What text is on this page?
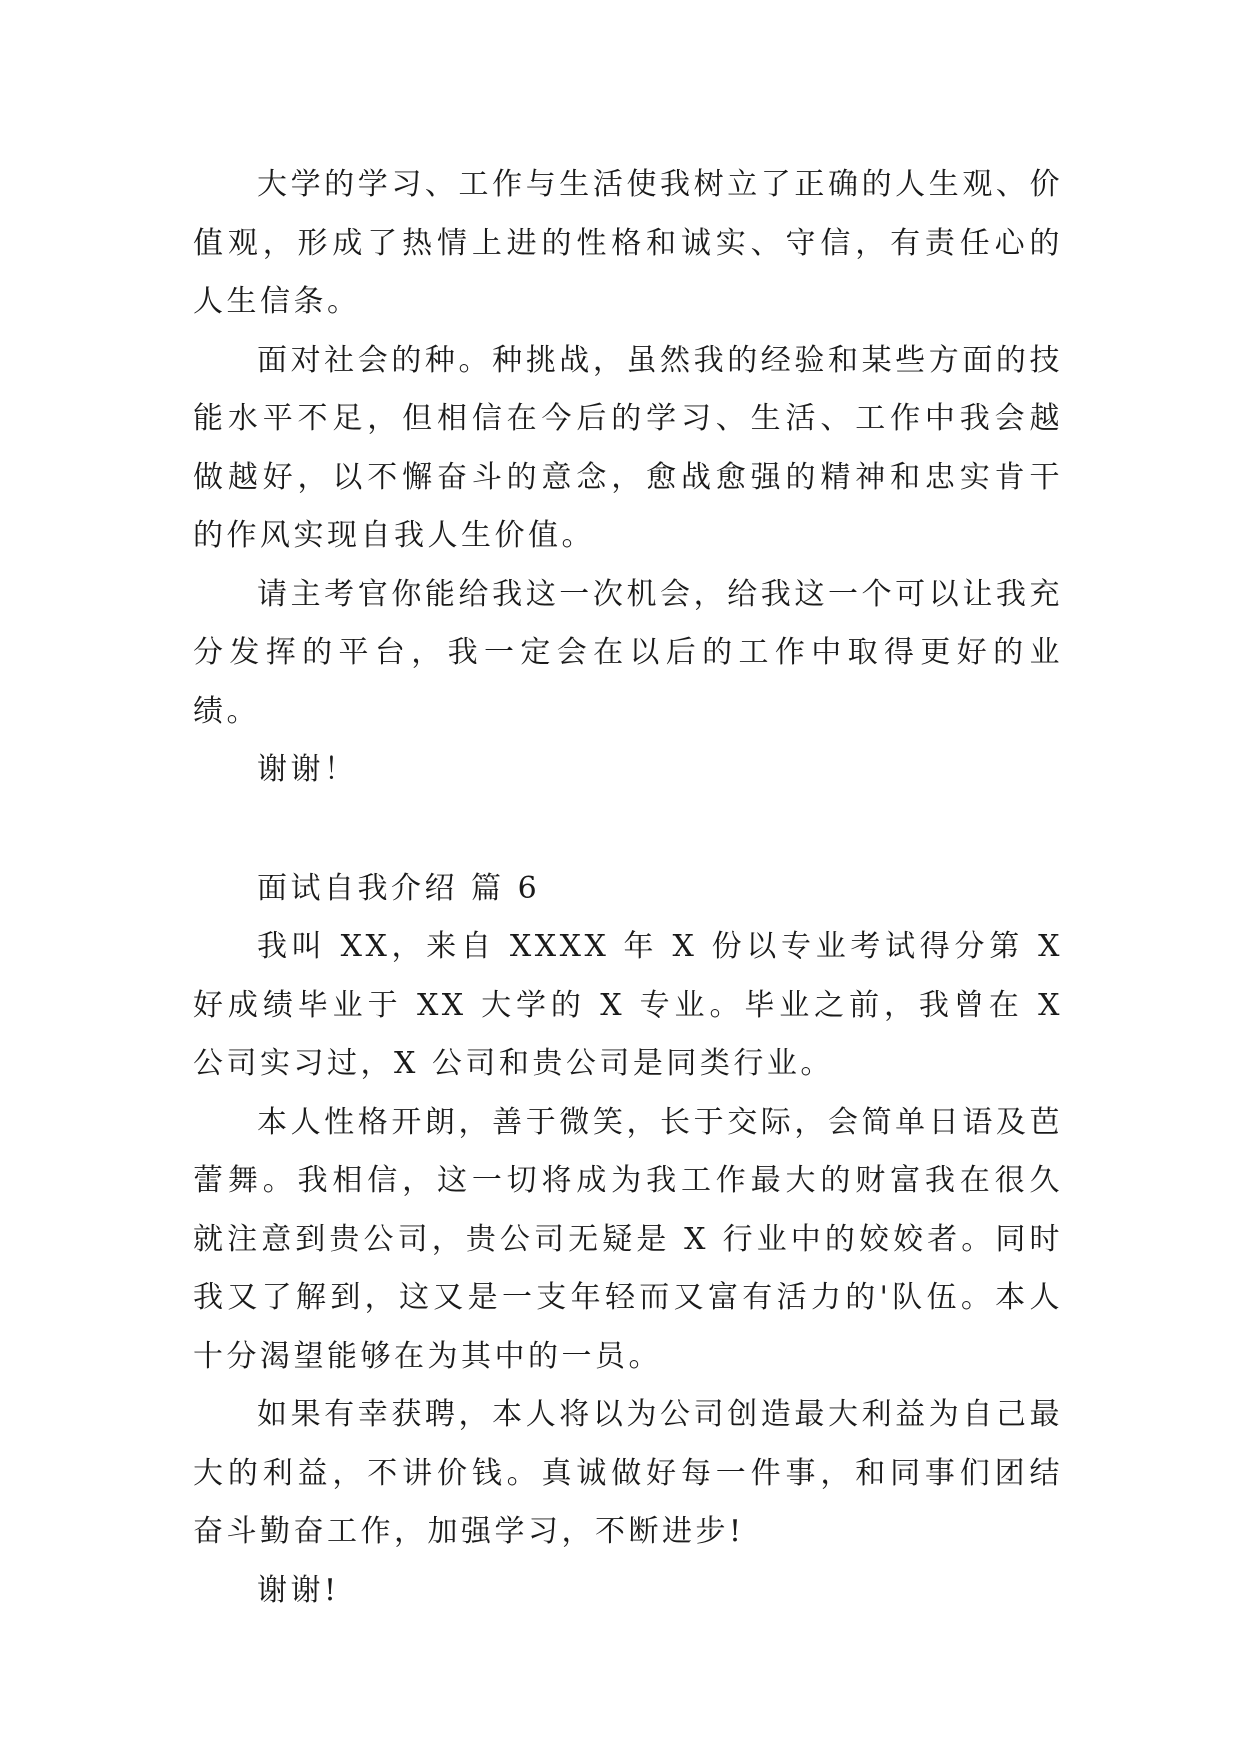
大学的学习、工作与生活使我树立了正确的人生观、价值观，形成了热情上进的性格和诚实、守信，有责任心的人生信条。

面对社会的种。种挑战，虽然我的经验和某些方面的技能水平不足，但相信在今后的学习、生活、工作中我会越做越好，以不懈奋斗的意念，愈战愈强的精神和忠实肯干的作风实现自我人生价值。

请主考官你能给我这一次机会，给我这一个可以让我充分发挥的平台，我一定会在以后的工作中取得更好的业绩。

谢谢！

面试自我介绍 篇 6

我叫 XX，来自 XXXX 年 X 份以专业考试得分第 X 好成绩毕业于 XX 大学的 X 专业。毕业之前，我曾在 X 公司实习过，X 公司和贵公司是同类行业。

本人性格开朗，善于微笑，长于交际，会简单日语及芭蕾舞。我相信，这一切将成为我工作最大的财富我在很久就注意到贵公司，贵公司无疑是 X 行业中的姣姣者。同时我又了解到，这又是一支年轻而又富有活力的'队伍。本人十分渴望能够在为其中的一员。

如果有幸获聘，本人将以为公司创造最大利益为自己最大的利益，不讲价钱。真诚做好每一件事，和同事们团结奋斗勤奋工作，加强学习，不断进步!

谢谢!
